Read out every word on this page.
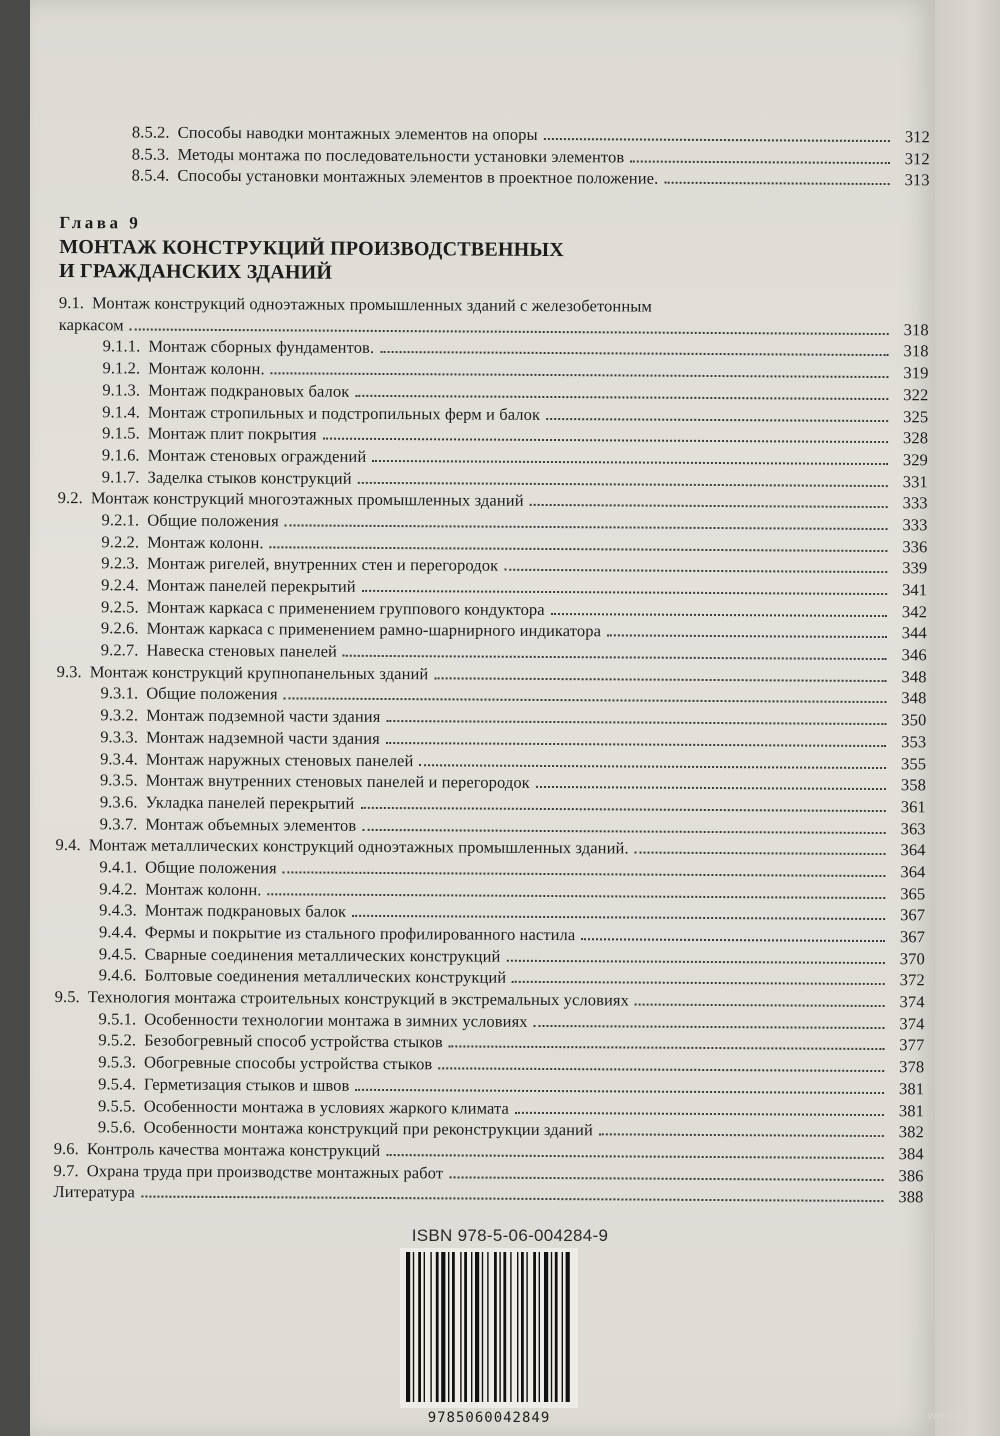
8.5.2. Способы наводки монтажных элементов на опоры	312
8.5.3. Методы монтажа по последовательности установки элементов	312
8.5.4. Способы установки монтажных элементов в проектное положение.	313
Глава 9
МОНТАЖ КОНСТРУКЦИЙ ПРОИЗВОДСТВЕННЫХ
И ГРАЖДАНСКИХ ЗДАНИЙ
9.1. Монтаж конструкций одноэтажных промышленных зданий с железобетонным
каркасом	318
9.1.1. Монтаж сборных фундаментов.	318
9.1.2. Монтаж колонн.	319
9.1.3. Монтаж подкрановых балок	322
9.1.4. Монтаж стропильных и подстропильных ферм и балок	325
9.1.5. Монтаж плит покрытия	328
9.1.6. Монтаж стеновых ограждений	329
9.1.7. Заделка стыков конструкций	331
9.2. Монтаж конструкций многоэтажных промышленных зданий	333
9.2.1. Общие положения	333
9.2.2. Монтаж колонн.	336
9.2.3. Монтаж ригелей, внутренних стен и перегородок	339
9.2.4. Монтаж панелей перекрытий	341
9.2.5. Монтаж каркаса с применением группового кондуктора	342
9.2.6. Монтаж каркаса с применением рамно-шарнирного индикатора	344
9.2.7. Навеска стеновых панелей	346
9.3. Монтаж конструкций крупнопанельных зданий	348
9.3.1. Общие положения	348
9.3.2. Монтаж подземной части здания	350
9.3.3. Монтаж надземной части здания	353
9.3.4. Монтаж наружных стеновых панелей	355
9.3.5. Монтаж внутренних стеновых панелей и перегородок	358
9.3.6. Укладка панелей перекрытий	361
9.3.7. Монтаж объемных элементов	363
9.4. Монтаж металлических конструкций одноэтажных промышленных зданий.	364
9.4.1. Общие положения	364
9.4.2. Монтаж колонн.	365
9.4.3. Монтаж подкрановых балок	367
9.4.4. Фермы и покрытие из стального профилированного настила	367
9.4.5. Сварные соединения металлических конструкций	370
9.4.6. Болтовые соединения металлических конструкций	372
9.5. Технология монтажа строительных конструкций в экстремальных условиях	374
9.5.1. Особенности технологии монтажа в зимних условиях	374
9.5.2. Безобогревный способ устройства стыков	377
9.5.3. Обогревные способы устройства стыков	378
9.5.4. Герметизация стыков и швов	381
9.5.5. Особенности монтажа в условиях жаркого климата	381
9.5.6. Особенности монтажа конструкций при реконструкции зданий	382
9.6. Контроль качества монтажа конструкций	384
9.7. Охрана труда при производстве монтажных работ	386
Литература	388
ISBN 978-5-06-004284-9
9785060042849	www.ay.by
